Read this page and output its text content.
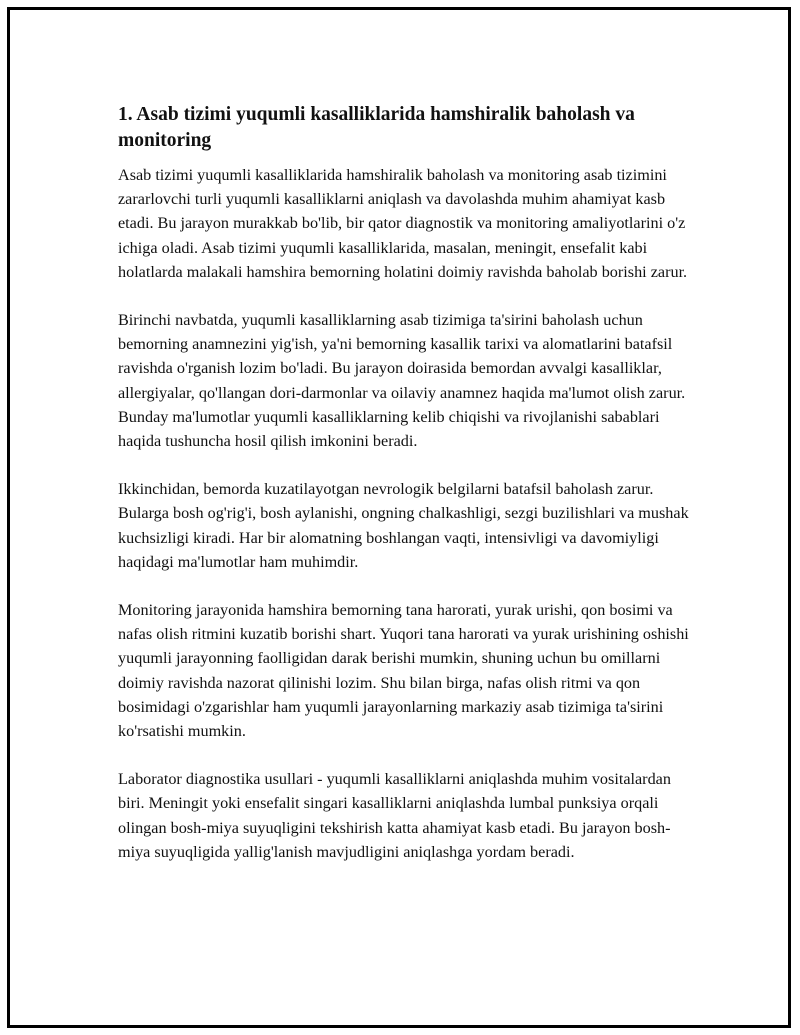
1. Asab tizimi yuqumli kasalliklarida hamshiralik baholash va monitoring

Asab tizimi yuqumli kasalliklarida hamshiralik baholash va monitoring asab tizimini zararlovchi turli yuqumli kasalliklarni aniqlash va davolashda muhim ahamiyat kasb etadi. Bu jarayon murakkab bo'lib, bir qator diagnostik va monitoring amaliyotlarini o'z ichiga oladi. Asab tizimi yuqumli kasalliklarida, masalan, meningit, ensefalit kabi holatlarda malakali hamshira bemorning holatini doimiy ravishda baholab borishi zarur.

Birinchi navbatda, yuqumli kasalliklarning asab tizimiga ta'sirini baholash uchun bemorning anamnezini yig'ish, ya'ni bemorning kasallik tarixi va alomatlarini batafsil ravishda o'rganish lozim bo'ladi. Bu jarayon doirasida bemordan avvalgi kasalliklar, allergiyalar, qo'llangan dori-darmonlar va oilaviy anamnez haqida ma'lumot olish zarur. Bunday ma'lumotlar yuqumli kasalliklarning kelib chiqishi va rivojlanishi sabablari haqida tushuncha hosil qilish imkonini beradi.

Ikkinchidan, bemorda kuzatilayotgan nevrologik belgilarni batafsil baholash zarur. Bularga bosh og'rig'i, bosh aylanishi, ongning chalkashligi, sezgi buzilishlari va mushak kuchsizligi kiradi. Har bir alomatning boshlangan vaqti, intensivligi va davomiyligi haqidagi ma'lumotlar ham muhimdir.

Monitoring jarayonida hamshira bemorning tana harorati, yurak urishi, qon bosimi va nafas olish ritmini kuzatib borishi shart. Yuqori tana harorati va yurak urishining oshishi yuqumli jarayonning faolligidan darak berishi mumkin, shuning uchun bu omillarni doimiy ravishda nazorat qilinishi lozim. Shu bilan birga, nafas olish ritmi va qon bosimidagi o'zgarishlar ham yuqumli jarayonlarning markaziy asab tizimiga ta'sirini ko'rsatishi mumkin.

Laborator diagnostika usullari - yuqumli kasalliklarni aniqlashda muhim vositalardan biri. Meningit yoki ensefalit singari kasalliklarni aniqlashda lumbal punksiya orqali olingan bosh-miya suyuqligini tekshirish katta ahamiyat kasb etadi. Bu jarayon bosh-miya suyuqligida yallig'lanish mavjudligini aniqlashga yordam beradi.
